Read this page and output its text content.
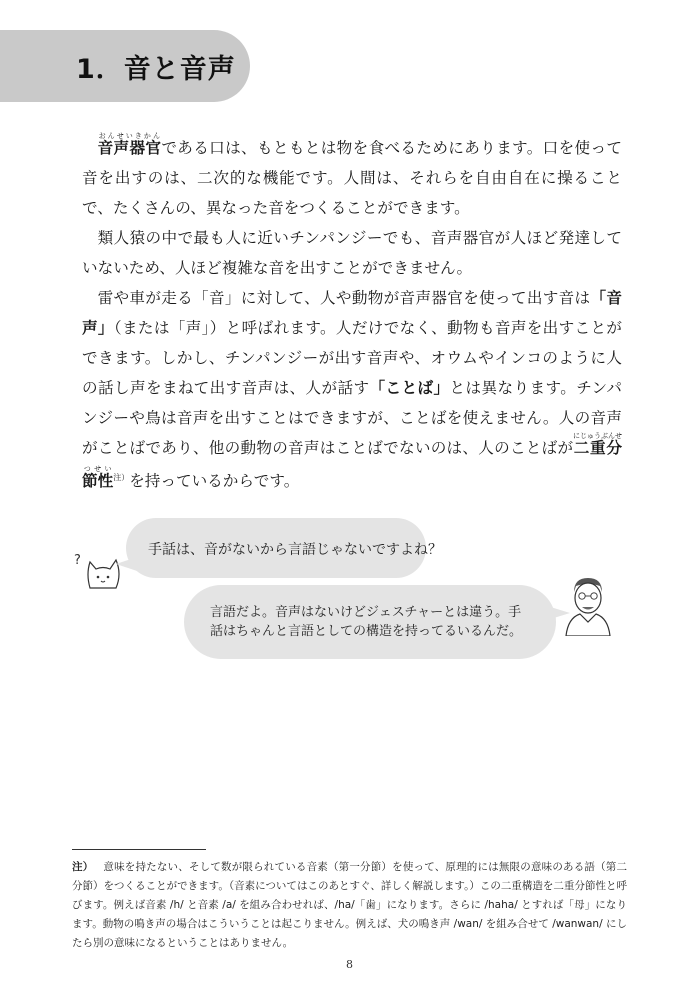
1．音と音声

音声器官おんせいきかんである口は、もともとは物を食べるためにあります。口を使って音を出すのは、二次的な機能です。人間は、それらを自由自在に操ることで、たくさんの、異なった音をつくることができます。

類人猿の中で最も人に近いチンパンジーでも、音声器官が人ほど発達していないため、人ほど複雑な音を出すことができません。

雷や車が走る「音」に対して、人や動物が音声器官を使って出す音は「音声」（または「声」）と呼ばれます。人だけでなく、動物も音声を出すことができます。しかし、チンパンジーが出す音声や、オウムやインコのように人の話し声をまねて出す音声は、人が話す「ことば」とは異なります。チンパンジーや鳥は音声を出すことはできますが、ことばを使えません。人の音声がことばであり、他の動物の音声はことばでないのは、人のことばが二重分節性にじゅうぶんせつせい$^{注)}$を持っているからです。

?
手話は、音がないから言語じゃないですよね？
言語だよ。音声はないけどジェスチャーとは違う。手話はちゃんと言語としての構造を持ってるいるんだ。
注） 意味を持たない、そして数が限られている音素（第一分節）を使って、原理的には無限の意味のある語（第二分節）をつくることができます。（音素についてはこのあとすぐ、詳しく解説します。）この二重構造を二重分節性と呼びます。例えば音素 /h/ と音素 /a/ を組み合わせれば、/ha/「歯」になります。さらに /haha/ とすれば「母」になります。動物の鳴き声の場合はこういうことは起こりません。例えば、犬の鳴き声 /wan/ を組み合せて /wanwan/ にしたら別の意味になるということはありません。
8
